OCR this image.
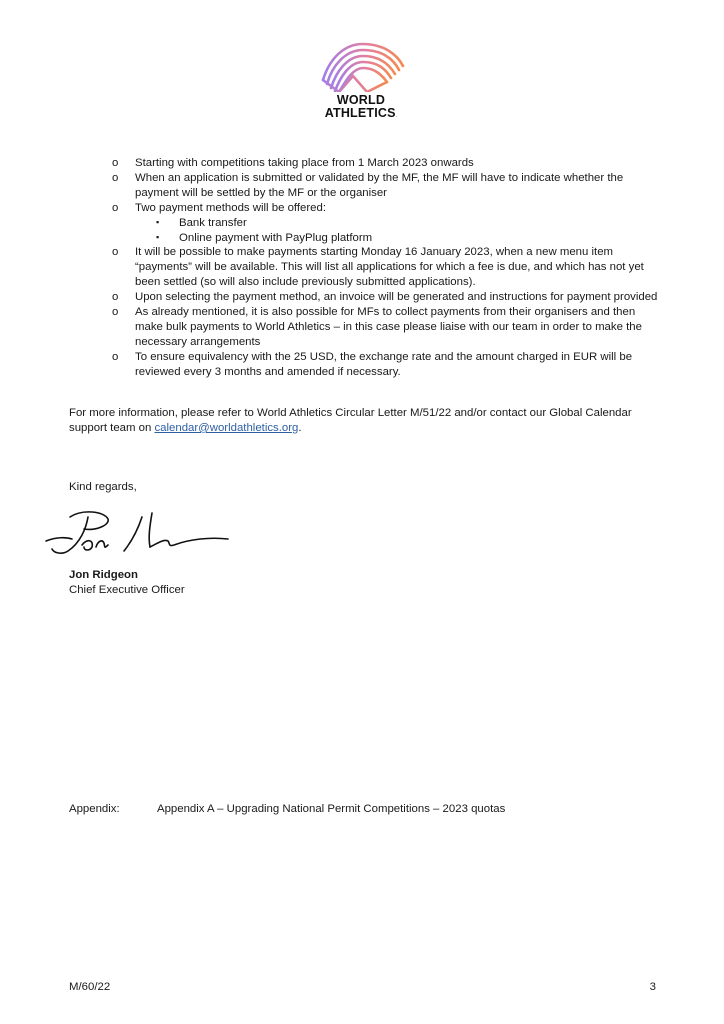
WORLD
ATHLETICS.

o Starting with competitions taking place from 1 March 2023 onwards

o When an application is submitted or validated by the MF, the MF will have to indicate whether the payment will be settled by the MF or the organiser

o Two payment methods will be offered:

▪ Bank transfer

▪ Online payment with PayPlug platform

o It will be possible to make payments starting Monday 16 January 2023, when a new menu item “payments” will be available. This will list all applications for which a fee is due, and which has not yet been settled (so will also include previously submitted applications).

o Upon selecting the payment method, an invoice will be generated and instructions for payment provided

o As already mentioned, it is also possible for MFs to collect payments from their organisers and then make bulk payments to World Athletics – in this case please liaise with our team in order to make the necessary arrangements

o To ensure equivalency with the 25 USD, the exchange rate and the amount charged in EUR will be reviewed every 3 months and amended if necessary.

For more information, please refer to World Athletics Circular Letter M/51/22 and/or contact our Global Calendar support team on calendar@worldathletics.org.

Kind regards,

Jon Ridgeon
Chief Executive Officer
Appendix:	Appendix A – Upgrading National Permit Competitions – 2023 quotas
M/60/22	3
